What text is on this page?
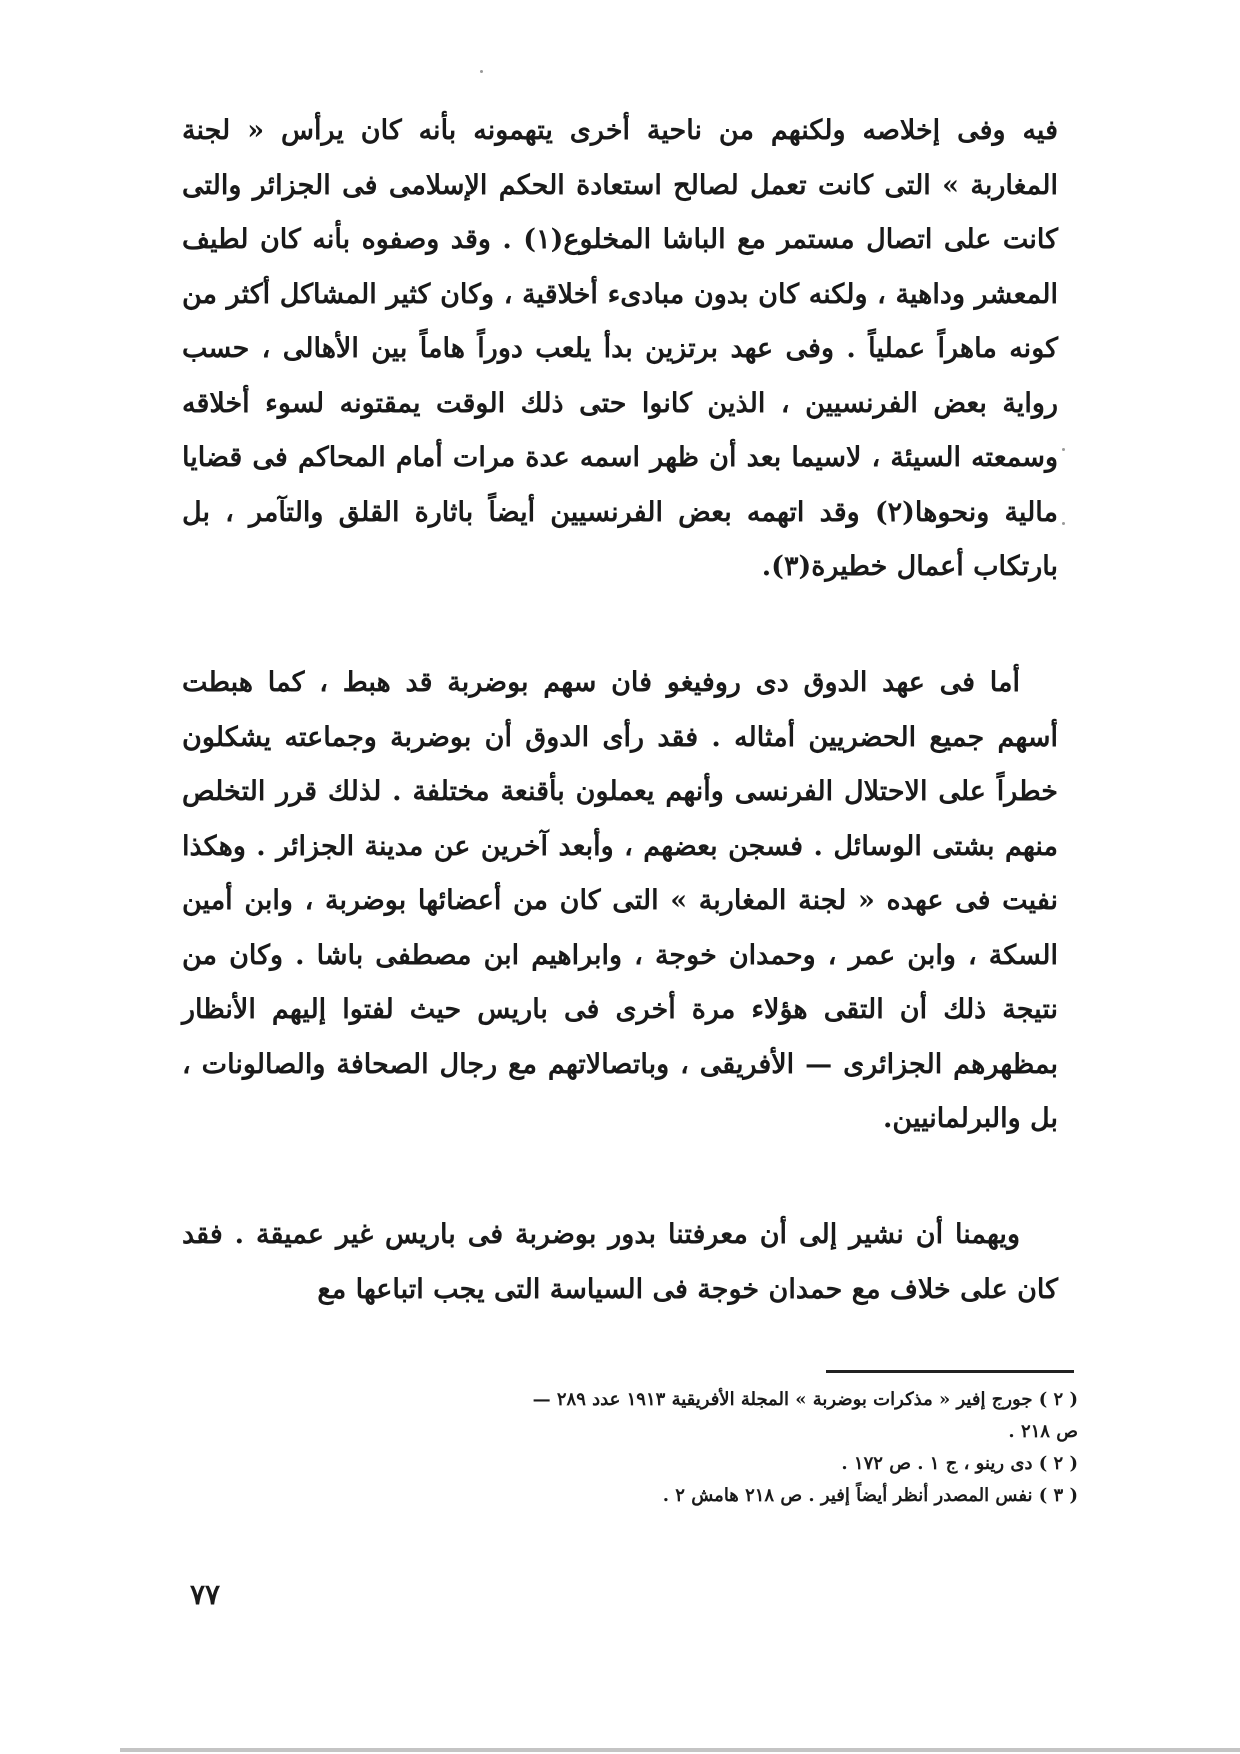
فيه وفى إخلاصه ولكنهم من ناحية أخرى يتهمونه بأنه كان يرأس « لجنة المغاربة » التى كانت تعمل لصالح استعادة الحكم الإسلامى فى الجزائر والتى كانت على اتصال مستمر مع الباشا المخلوع(١) . وقد وصفوه بأنه كان لطيف المعشر وداهية ، ولكنه كان بدون مبادىء أخلاقية ، وكان كثير المشاكل أكثر من كونه ماهراً عملياً . وفى عهد برتزين بدأ يلعب دوراً هاماً بين الأهالى ، حسب رواية بعض الفرنسيين ، الذين كانوا حتى ذلك الوقت يمقتونه لسوء أخلاقه وسمعته السيئة ، لاسيما بعد أن ظهر اسمه عدة مرات أمام المحاكم فى قضايا مالية ونحوها(٢) وقد اتهمه بعض الفرنسيين أيضاً باثارة القلق والتآمر ، بل بارتكاب أعمال خطيرة(٣).

أما فى عهد الدوق دى روفيغو فان سهم بوضربة قد هبط ، كما هبطت أسهم جميع الحضريين أمثاله . فقد رأى الدوق أن بوضربة وجماعته يشكلون خطراً على الاحتلال الفرنسى وأنهم يعملون بأقنعة مختلفة . لذلك قرر التخلص منهم بشتى الوسائل . فسجن بعضهم ، وأبعد آخرين عن مدينة الجزائر . وهكذا نفيت فى عهده « لجنة المغاربة » التى كان من أعضائها بوضربة ، وابن أمين السكة ، وابن عمر ، وحمدان خوجة ، وابراهيم ابن مصطفى باشا . وكان من نتيجة ذلك أن التقى هؤلاء مرة أخرى فى باريس حيث لفتوا إليهم الأنظار بمظهرهم الجزائرى — الأفريقى ، وباتصالاتهم مع رجال الصحافة والصالونات ، بل والبرلمانيين.

ويهمنا أن نشير إلى أن معرفتنا بدور بوضربة فى باريس غير عميقة . فقد كان على خلاف مع حمدان خوجة فى السياسة التى يجب اتباعها مع

( ٢ ) جورج إفير « مذكرات بوضربة » المجلة الأفريقية ١٩١٣ عدد ٢٨٩ —
ص ٢١٨ .
( ٢ ) دى رينو ، ج ١ . ص ١٧٢ .
( ٣ ) نفس المصدر أنظر أيضاً إفير . ص ٢١٨ هامش ٢ .
٧٧
